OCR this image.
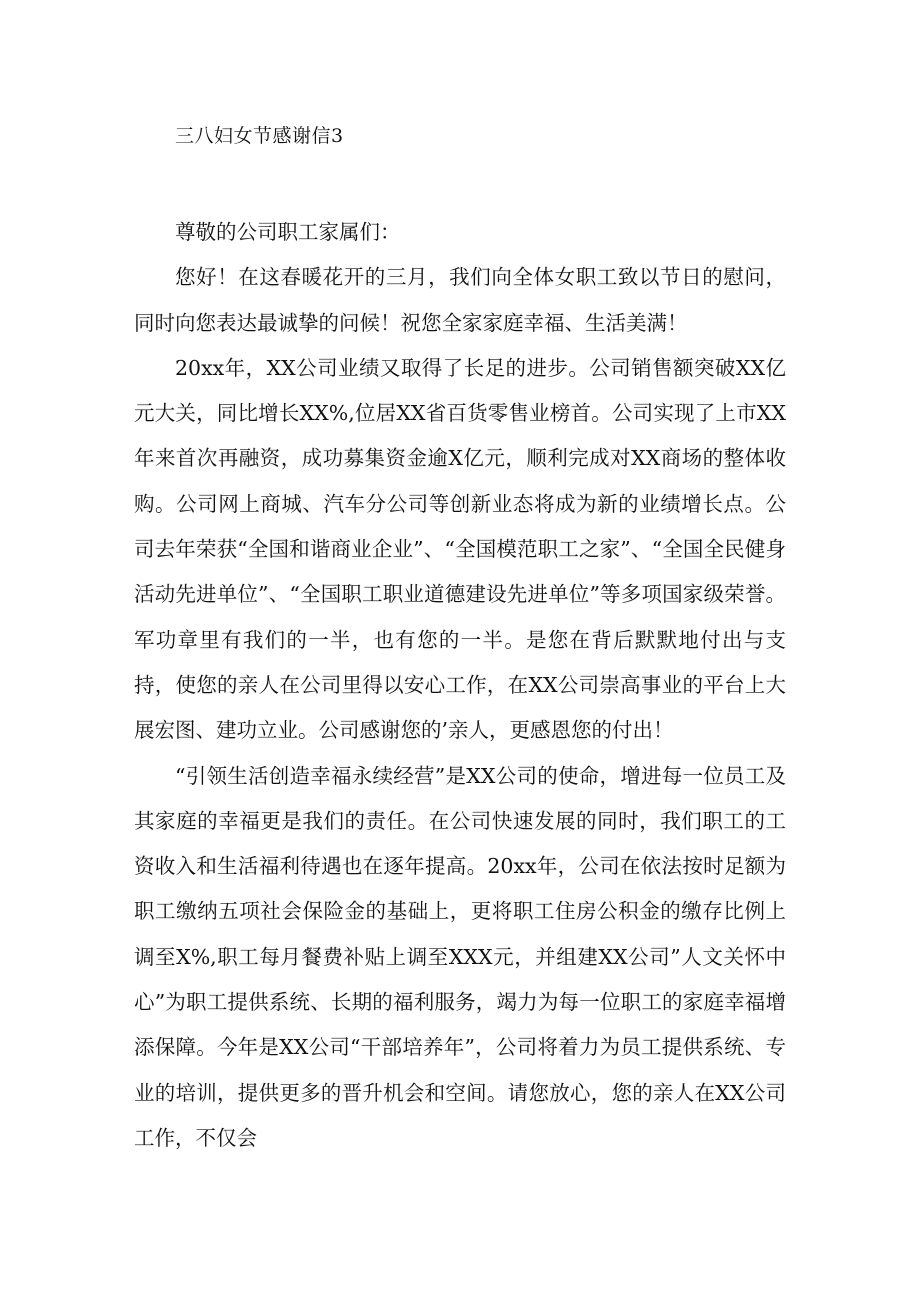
三八妇女节感谢信3

尊敬的公司职工家属们：

您好！在这春暖花开的三月，我们向全体女职工致以节日的慰问，同时向您表达最诚挚的问候！祝您全家家庭幸福、生活美满！

20xx年，XX公司业绩又取得了长足的进步。公司销售额突破XX亿元大关，同比增长XX%,位居XX省百货零售业榜首。公司实现了上市XX年来首次再融资，成功募集资金逾X亿元，顺利完成对XX商场的整体收购。公司网上商城、汽车分公司等创新业态将成为新的业绩增长点。公司去年荣获“全国和谐商业企业”、“全国模范职工之家”、“全国全民健身活动先进单位”、“全国职工职业道德建设先进单位”等多项国家级荣誉。军功章里有我们的一半，也有您的一半。是您在背后默默地付出与支持，使您的亲人在公司里得以安心工作，在XX公司崇高事业的平台上大展宏图、建功立业。公司感谢您的’亲人，更感恩您的付出！

“引领生活创造幸福永续经营”是XX公司的使命，增进每一位员工及其家庭的幸福更是我们的责任。在公司快速发展的同时，我们职工的工资收入和生活福利待遇也在逐年提高。20xx年，公司在依法按时足额为职工缴纳五项社会保险金的基础上，更将职工住房公积金的缴存比例上调至X%,职工每月餐费补贴上调至XXX元，并组建XX公司”人文关怀中心”为职工提供系统、长期的福利服务，竭力为每一位职工的家庭幸福增添保障。今年是XX公司“干部培养年”，公司将着力为员工提供系统、专业的培训，提供更多的晋升机会和空间。请您放心，您的亲人在XX公司工作，不仅会
